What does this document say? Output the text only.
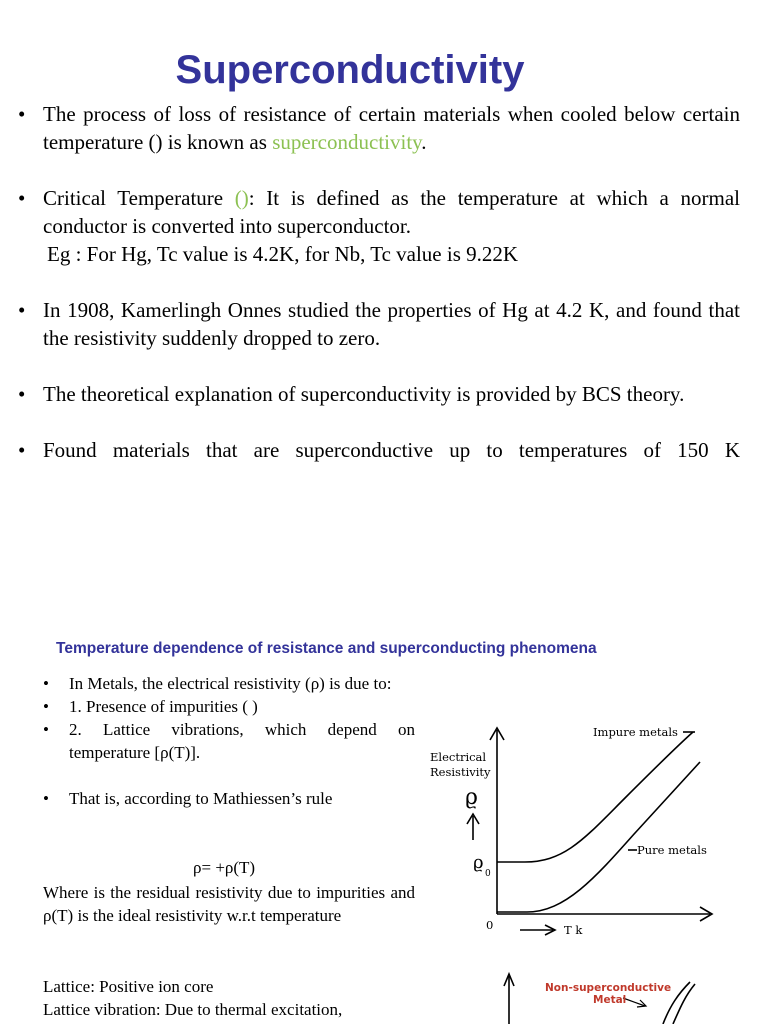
Superconductivity
• The process of loss of resistance of certain materials when cooled below certain temperature () is known as superconductivity.
• Critical Temperature (): It is defined as the temperature at which a normal conductor is converted into superconductor.
Eg : For Hg, Tc value is 4.2K, for Nb, Tc value is 9.22K
• In 1908, Kamerlingh Onnes studied the properties of Hg at 4.2 K, and found that the resistivity suddenly dropped to zero.
• The theoretical explanation of superconductivity is provided by BCS theory.
• Found materials that are superconductive up to temperatures of 150 K
Temperature dependence of resistance and superconducting phenomena
• In Metals, the electrical resistivity (ρ) is due to:
• 1. Presence of impurities ( )
• 2. Lattice vibrations, which depend on temperature [ρ(T)].
• That is, according to Mathiessen’s rule
ρ= +ρ(T)
Where is the residual resistivity due to impurities and ρ(T) is the ideal resistivity w.r.t temperature
Lattice: Positive ion core
Lattice vibration: Due to thermal excitation,
Electrical
Resistivity
Impure metals
Pure metals
0	T k
ϱ
ϱ
0
Non-superconductive
Metal
